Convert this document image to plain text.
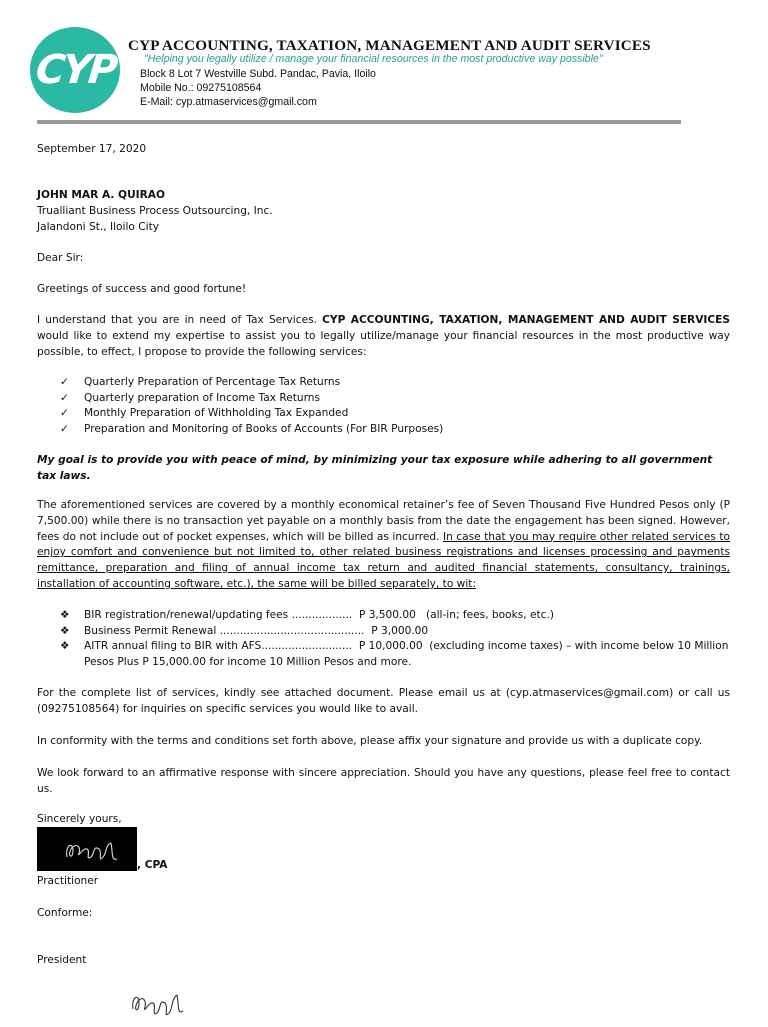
CYP
CYP ACCOUNTING, TAXATION, MANAGEMENT AND AUDIT SERVICES
"Helping you legally utilize / manage your financial resources in the most productive way possible"
Block 8 Lot 7 Westville Subd. Pandac, Pavia, Iloilo
Mobile No.: 09275108564
E-Mail: cyp.atmaservices@gmail.com
September 17, 2020
JOHN MAR A. QUIRAO
Trualliant Business Process Outsourcing, Inc.
Jalandoni St., Iloilo City
Dear Sir:
Greetings of success and good fortune!
I understand that you are in need of Tax Services. CYP ACCOUNTING, TAXATION, MANAGEMENT AND AUDIT SERVICES would like to extend my expertise to assist you to legally utilize/manage your financial resources in the most productive way possible, to effect, I propose to provide the following services:
✓ Quarterly Preparation of Percentage Tax Returns
✓ Quarterly preparation of Income Tax Returns
✓ Monthly Preparation of Withholding Tax Expanded
✓ Preparation and Monitoring of Books of Accounts (For BIR Purposes)
My goal is to provide you with peace of mind, by minimizing your tax exposure while adhering to all government tax laws.
The aforementioned services are covered by a monthly economical retainer’s fee of Seven Thousand Five Hundred Pesos only (P 7,500.00) while there is no transaction yet payable on a monthly basis from the date the engagement has been signed. However, fees do not include out of pocket expenses, which will be billed as incurred. In case that you may require other related services to enjoy comfort and convenience but not limited to, other related business registrations and licenses processing and payments remittance, preparation and filing of annual income tax return and audited financial statements, consultancy, trainings, installation of accounting software, etc.), the same will be billed separately, to wit:
❖ BIR registration/renewal/updating fees .................. P 3,500.00   (all-in; fees, books, etc.)
❖ Business Permit Renewal ........................................... P 3,000.00
❖ AITR annual filing to BIR with AFS........................... P 10,000.00  (excluding income taxes) – with income below 10 Million
Pesos Plus P 15,000.00 for income 10 Million Pesos and more.
For the complete list of services, kindly see attached document. Please email us at (cyp.atmaservices@gmail.com) or call us (09275108564) for inquiries on specific services you would like to avail.
In conformity with the terms and conditions set forth above, please affix your signature and provide us with a duplicate copy.
We look forward to an affirmative response with sincere appreciation. Should you have any questions, please feel free to contact us.
Sincerely yours,
, CPA
Practitioner
Conforme:
President
